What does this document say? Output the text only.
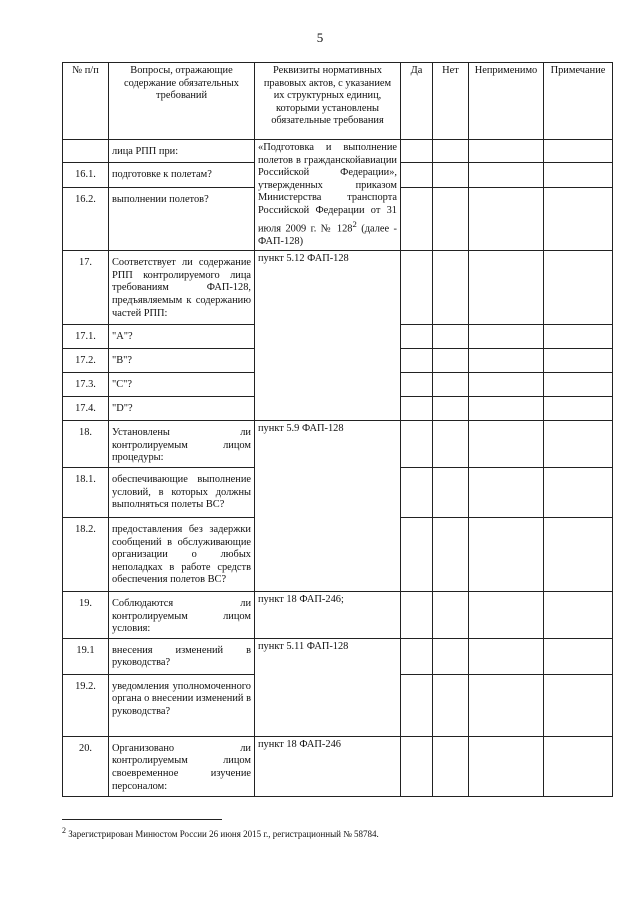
5
№ п/п	Вопросы, отражающие содержание обязательных требований	Реквизиты нормативных правовых актов, с указанием их структурных единиц, которыми установлены обязательные требования	Да	Нет	Неприменимо	Примечание
	лица РПП при:	«Подготовка и выполнение полетов в гражданскойавиации Российской Федерации», утвержденных приказом Министерства транспорта Российской Федерации от 31 июля 2009 г. № $128^2$ (далее - ФАП-128)				
16.1.	подготовке к полетам?					
16.2.	выполнении полетов?					
17.	Соответствует ли содержание РПП контролируемого лица требованиям ФАП-128, предъявляемым к содержанию частей РПП:	пункт 5.12 ФАП-128				
17.1.	"А"?					
17.2.	"В"?					
17.3.	"С"?					
17.4.	"D"?					
18.	Установлены ли контролируемым лицом процедуры:	пункт 5.9 ФАП-128				
18.1.	обеспечивающие выполнение условий, в которых должны выполняться полеты ВС?					
18.2.	предоставления без задержки сообщений в обслуживающие организации о любых неполадках в работе средств обеспечения полетов ВС?					
19.	Соблюдаются ли контролируемым лицом условия:	пункт 18 ФАП-246;				
19.1	внесения изменений в руководства?	пункт 5.11 ФАП-128				
19.2.	уведомления уполномоченного органа о внесении изменений в руководства?					
20.	Организовано ли контролируемым лицом своевременное изучение персоналом:	пункт 18 ФАП-246				
$^2$ Зарегистрирован Минюстом России 26 июня 2015 г., регистрационный № 58784.
